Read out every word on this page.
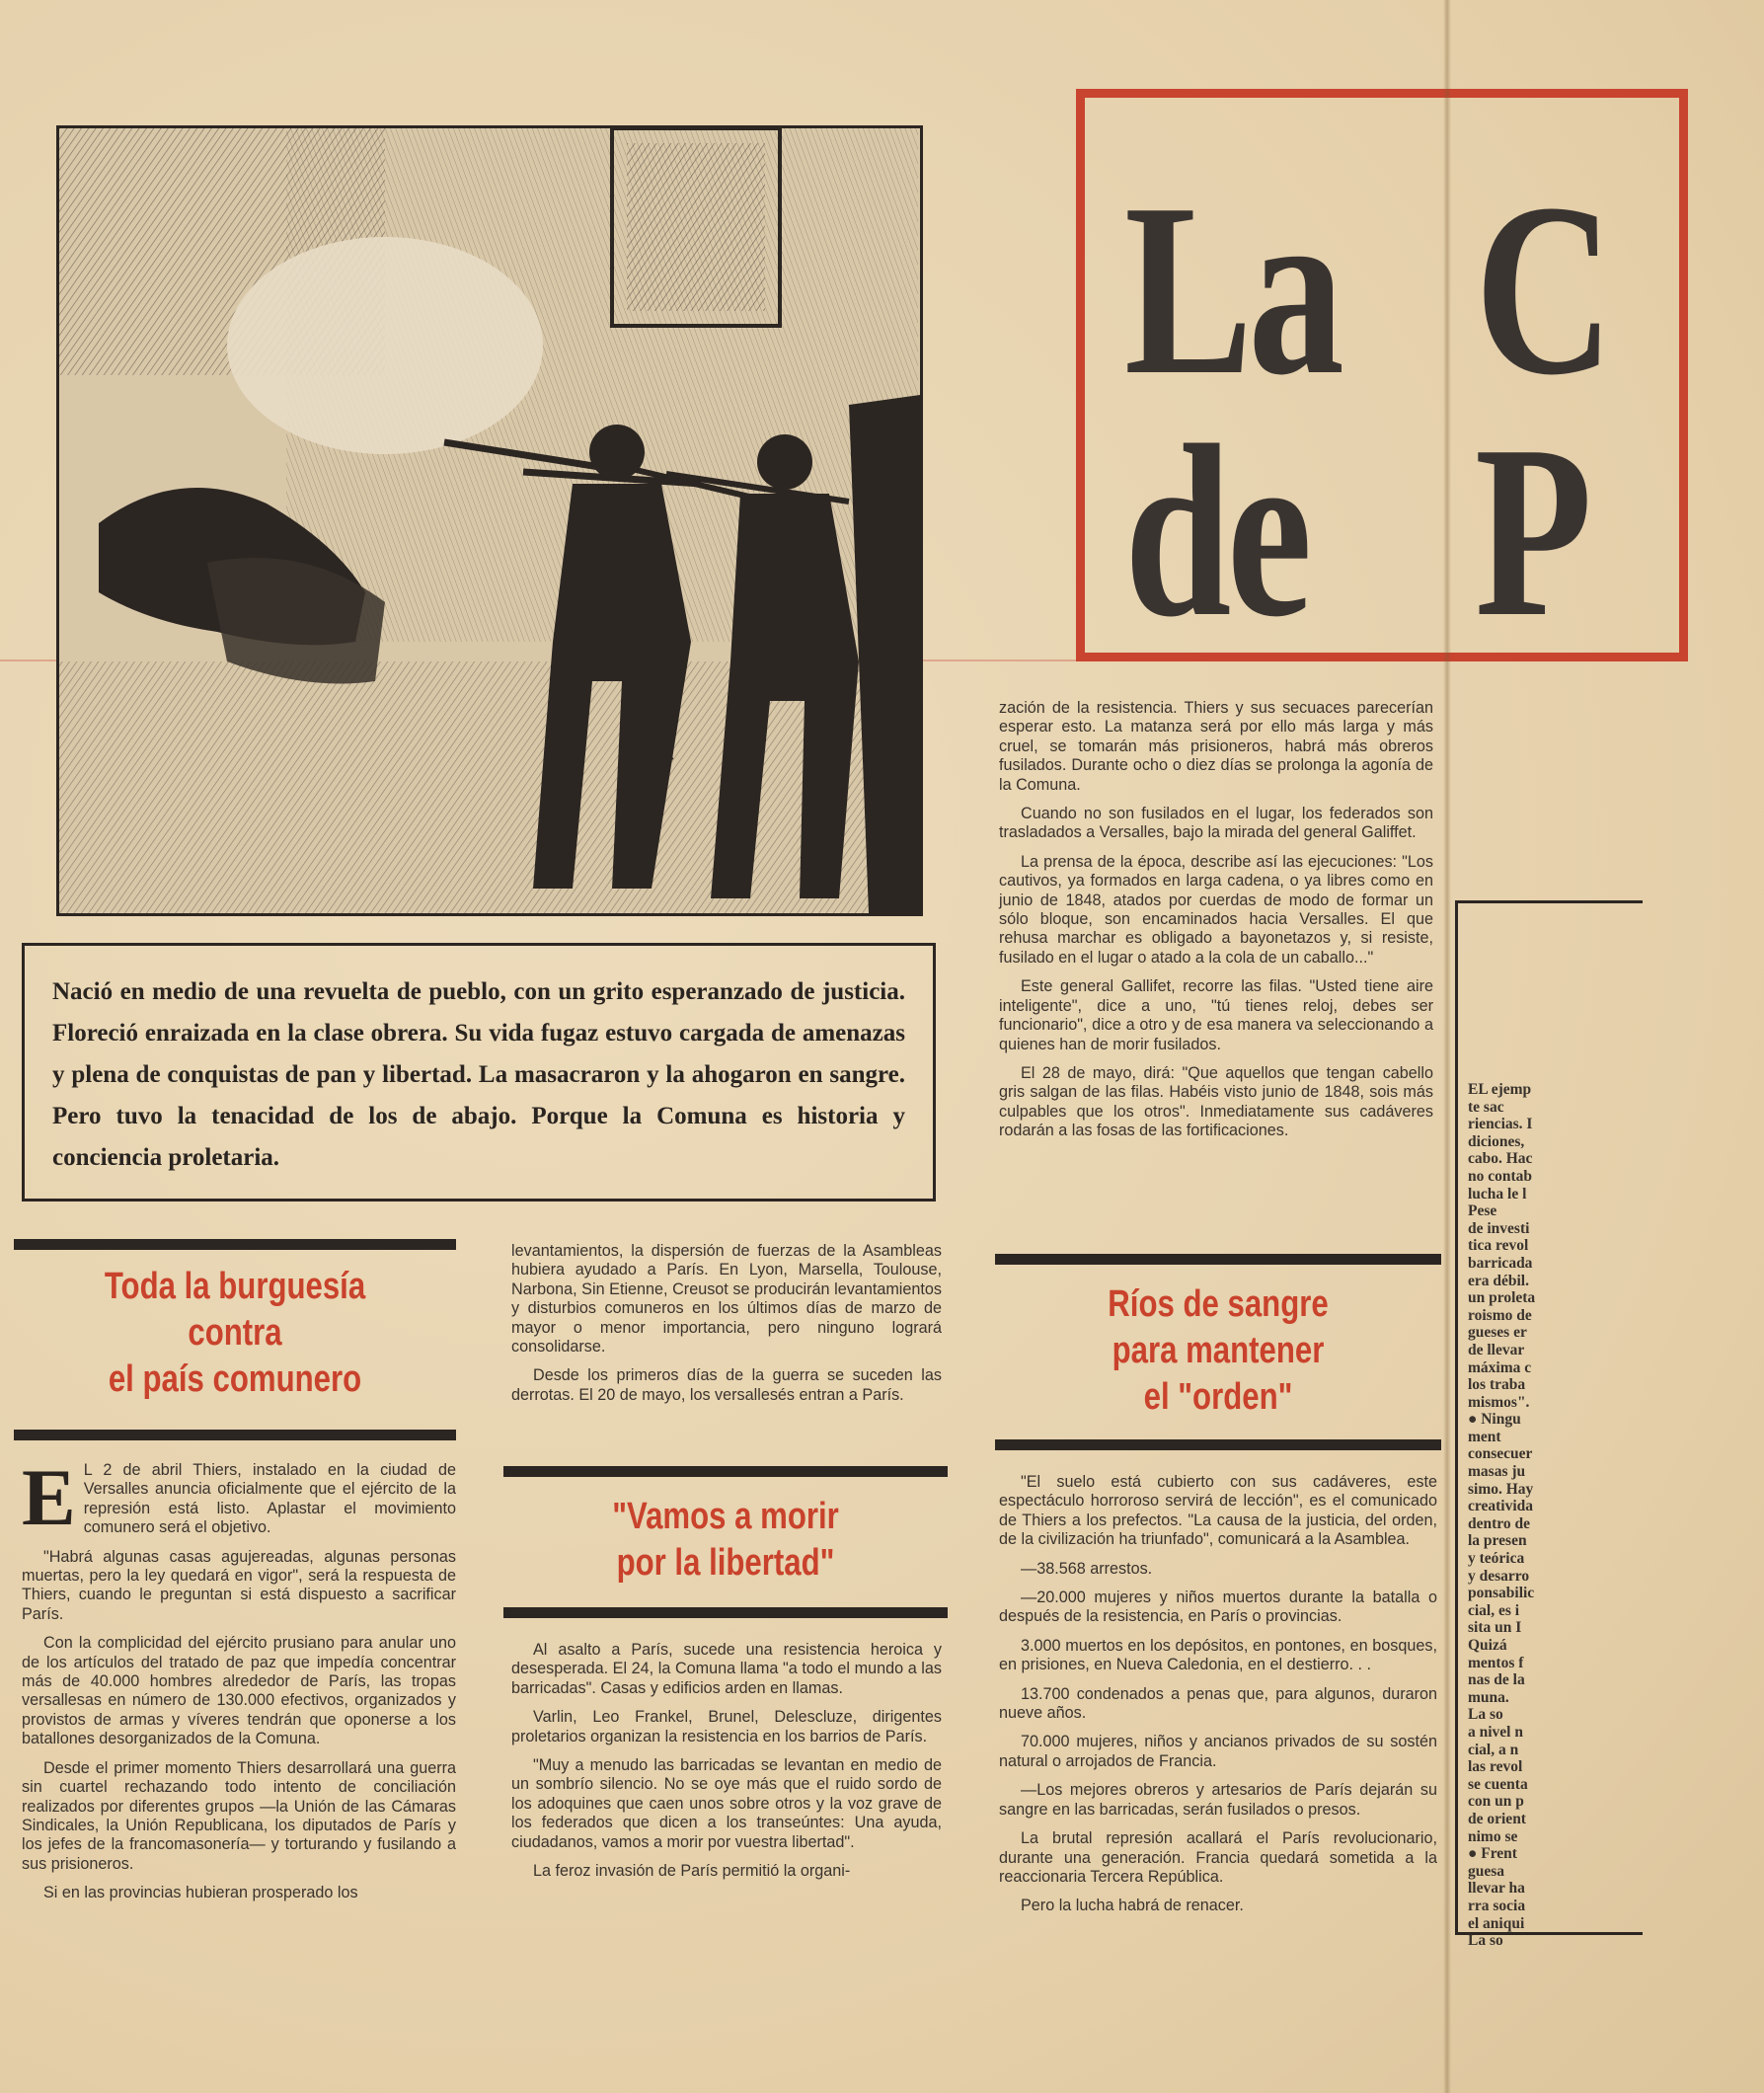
Nació en medio de una revuelta de pueblo, con un grito esperanzado de justicia. Floreció enraizada en la clase obrera. Su vida fugaz estuvo cargada de amenazas y plena de conquistas de pan y libertad. La masacraron y la ahogaron en sangre. Pero tuvo la tenacidad de los de abajo. Porque la Comuna es historia y conciencia proletaria.

La C
de P
Toda la burguesía
contra
el país comunero
E L 2 de abril Thiers, instalado en la ciudad de Versalles anuncia oficialmente que el ejército de la represión está listo. Aplastar el movimiento comunero será el objetivo.

"Habrá algunas casas agujereadas, algunas personas muertas, pero la ley quedará en vigor", será la respuesta de Thiers, cuando le preguntan si está dispuesto a sacrificar París.

Con la complicidad del ejército prusiano para anular uno de los artículos del tratado de paz que impedía concentrar más de 40.000 hombres alrededor de París, las tropas versallesas en número de 130.000 efectivos, organizados y provistos de armas y víveres tendrán que oponerse a los batallones desorganizados de la Comuna.

Desde el primer momento Thiers desarrollará una guerra sin cuartel rechazando todo intento de conciliación realizados por diferentes grupos —la Unión de las Cámaras Sindicales, la Unión Republicana, los diputados de París y los jefes de la francomasonería— y torturando y fusilando a sus prisioneros.

Si en las provincias hubieran prosperado los

levantamientos, la dispersión de fuerzas de la Asambleas hubiera ayudado a París. En Lyon, Marsella, Toulouse, Narbona, Sin Etienne, Creusot se producirán levantamientos y disturbios comuneros en los últimos días de marzo de mayor o menor importancia, pero ninguno logrará consolidarse.

Desde los primeros días de la guerra se suceden las derrotas. El 20 de mayo, los versallesés entran a París.

"Vamos a morir
por la libertad"

Al asalto a París, sucede una resistencia heroica y desesperada. El 24, la Comuna llama "a todo el mundo a las barricadas". Casas y edificios arden en llamas.

Varlin, Leo Frankel, Brunel, Delescluze, dirigentes proletarios organizan la resistencia en los barrios de París.

"Muy a menudo las barricadas se levantan en medio de un sombrío silencio. No se oye más que el ruido sordo de los adoquines que caen unos sobre otros y la voz grave de los federados que dicen a los transeúntes: Una ayuda, ciudadanos, vamos a morir por vuestra libertad".

La feroz invasión de París permitió la organi-

zación de la resistencia. Thiers y sus secuaces parecerían esperar esto. La matanza será por ello más larga y más cruel, se tomarán más prisioneros, habrá más obreros fusilados. Durante ocho o diez días se prolonga la agonía de la Comuna.

Cuando no son fusilados en el lugar, los federados son trasladados a Versalles, bajo la mirada del general Galiffet.

La prensa de la época, describe así las ejecuciones: "Los cautivos, ya formados en larga cadena, o ya libres como en junio de 1848, atados por cuerdas de modo de formar un sólo bloque, son encaminados hacia Versalles. El que rehusa marchar es obligado a bayonetazos y, si resiste, fusilado en el lugar o atado a la cola de un caballo..."

Este general Gallifet, recorre las filas. "Usted tiene aire inteligente", dice a uno, "tú tienes reloj, debes ser funcionario", dice a otro y de esa manera va seleccionando a quienes han de morir fusilados.

El 28 de mayo, dirá: "Que aquellos que tengan cabello gris salgan de las filas. Habéis visto junio de 1848, sois más culpables que los otros". Inmediatamente sus cadáveres rodarán a las fosas de las fortificaciones.

Ríos de sangre
para mantener
el "orden"

"El suelo está cubierto con sus cadáveres, este espectáculo horroroso servirá de lección", es el comunicado de Thiers a los prefectos. "La causa de la justicia, del orden, de la civilización ha triunfado", comunicará a la Asamblea.

—38.568 arrestos.

—20.000 mujeres y niños muertos durante la batalla o después de la resistencia, en París o provincias.

3.000 muertos en los depósitos, en pontones, en bosques, en prisiones, en Nueva Caledonia, en el destierro. . .

13.700 condenados a penas que, para algunos, duraron nueve años.

70.000 mujeres, niños y ancianos privados de su sostén natural o arrojados de Francia.

—Los mejores obreros y artesarios de París dejarán su sangre en las barricadas, serán fusilados o presos.

La brutal represión acallará el París revolucionario, durante una generación. Francia quedará sometida a la reaccionaria Tercera República.

Pero la lucha habrá de renacer.

EL ejemp
te sac
riencias. I
diciones,
cabo. Hac
no contab
lucha le l
Pese
de investi
tica revol
barricada
era débil.
un proleta
roismo de
gueses er
de llevar
máxima c
los traba
mismos".
● Ningu
ment
consecuer
masas ju
simo. Hay
creativida
dentro de
la presen
y teórica
y desarro
ponsabilic
cial, es i
sita un I
Quizá
mentos f
nas de la
muna.
La so
a nivel n
cial, a n
las revol
se cuenta
con un p
de orient
nimo se
● Frent
guesa
llevar ha
rra socia
el aniqui
La so
